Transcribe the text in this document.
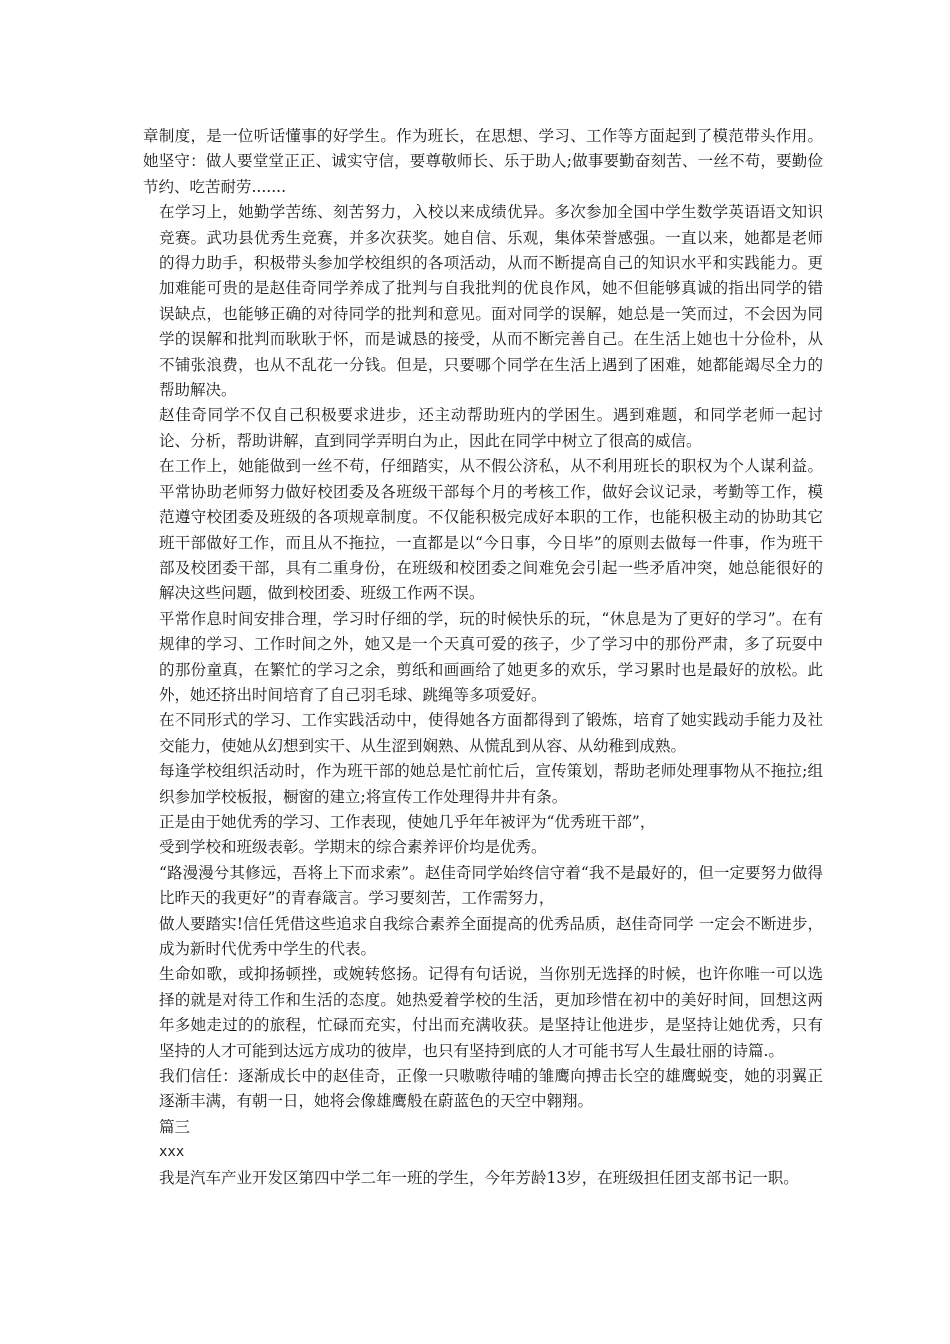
章制度，是一位听话懂事的好学生。作为班长，在思想、学习、工作等方面起到了模范带头作用。她坚守：做人要堂堂正正、诚实守信，要尊敬师长、乐于助人;做事要勤奋刻苦、一丝不苟，要勤俭节约、吃苦耐劳.......

在学习上，她勤学苦练、刻苦努力，入校以来成绩优异。多次参加全国中学生数学英语语文知识竞赛。武功县优秀生竞赛，并多次获奖。她自信、乐观，集体荣誉感强。一直以来，她都是老师的得力助手，积极带头参加学校组织的各项活动，从而不断提高自己的知识水平和实践能力。更加难能可贵的是赵佳奇同学养成了批判与自我批判的优良作风，她不但能够真诚的指出同学的错误缺点，也能够正确的对待同学的批判和意见。面对同学的误解，她总是一笑而过，不会因为同学的误解和批判而耿耿于怀，而是诚恳的接受，从而不断完善自己。在生活上她也十分俭朴，从不铺张浪费，也从不乱花一分钱。但是，只要哪个同学在生活上遇到了困难，她都能竭尽全力的帮助解决。

赵佳奇同学不仅自己积极要求进步，还主动帮助班内的学困生。遇到难题，和同学老师一起讨论、分析，帮助讲解，直到同学弄明白为止，因此在同学中树立了很高的威信。

在工作上，她能做到一丝不苟，仔细踏实，从不假公济私，从不利用班长的职权为个人谋利益。平常协助老师努力做好校团委及各班级干部每个月的考核工作，做好会议记录，考勤等工作，模范遵守校团委及班级的各项规章制度。不仅能积极完成好本职的工作，也能积极主动的协助其它班干部做好工作，而且从不拖拉，一直都是以“今日事，今日毕”的原则去做每一件事，作为班干部及校团委干部，具有二重身份，在班级和校团委之间难免会引起一些矛盾冲突，她总能很好的解决这些问题，做到校团委、班级工作两不误。

平常作息时间安排合理，学习时仔细的学，玩的时候快乐的玩，“休息是为了更好的学习”。在有规律的学习、工作时间之外，她又是一个天真可爱的孩子，少了学习中的那份严肃，多了玩耍中的那份童真，在繁忙的学习之余，剪纸和画画给了她更多的欢乐，学习累时也是最好的放松。此外，她还挤出时间培育了自己羽毛球、跳绳等多项爱好。

在不同形式的学习、工作实践活动中，使得她各方面都得到了锻炼，培育了她实践动手能力及社交能力，使她从幻想到实干、从生涩到娴熟、从慌乱到从容、从幼稚到成熟。

每逢学校组织活动时，作为班干部的她总是忙前忙后，宣传策划，帮助老师处理事物从不拖拉;组织参加学校板报，橱窗的建立;将宣传工作处理得井井有条。

正是由于她优秀的学习、工作表现，使她几乎年年被评为“优秀班干部”，

受到学校和班级表彰。学期末的综合素养评价均是优秀。

“路漫漫兮其修远，吾将上下而求索”。赵佳奇同学始终信守着“我不是最好的，但一定要努力做得比昨天的我更好”的青春箴言。学习要刻苦，工作需努力，

做人要踏实!信任凭借这些追求自我综合素养全面提高的优秀品质，赵佳奇同学 一定会不断进步，成为新时代优秀中学生的代表。

生命如歌，或抑扬顿挫，或婉转悠扬。记得有句话说，当你别无选择的时候，也许你唯一可以选择的就是对待工作和生活的态度。她热爱着学校的生活，更加珍惜在初中的美好时间，回想这两年多她走过的的旅程，忙碌而充实，付出而充满收获。是坚持让他进步，是坚持让她优秀，只有坚持的人才可能到达远方成功的彼岸，也只有坚持到底的人才可能书写人生最壮丽的诗篇.。

我们信任：逐渐成长中的赵佳奇，正像一只嗷嗷待哺的雏鹰向搏击长空的雄鹰蜕变，她的羽翼正逐渐丰满，有朝一日，她将会像雄鹰般在蔚蓝色的天空中翱翔。

篇三

xxx

我是汽车产业开发区第四中学二年一班的学生，今年芳龄13岁，在班级担任团支部书记一职。
